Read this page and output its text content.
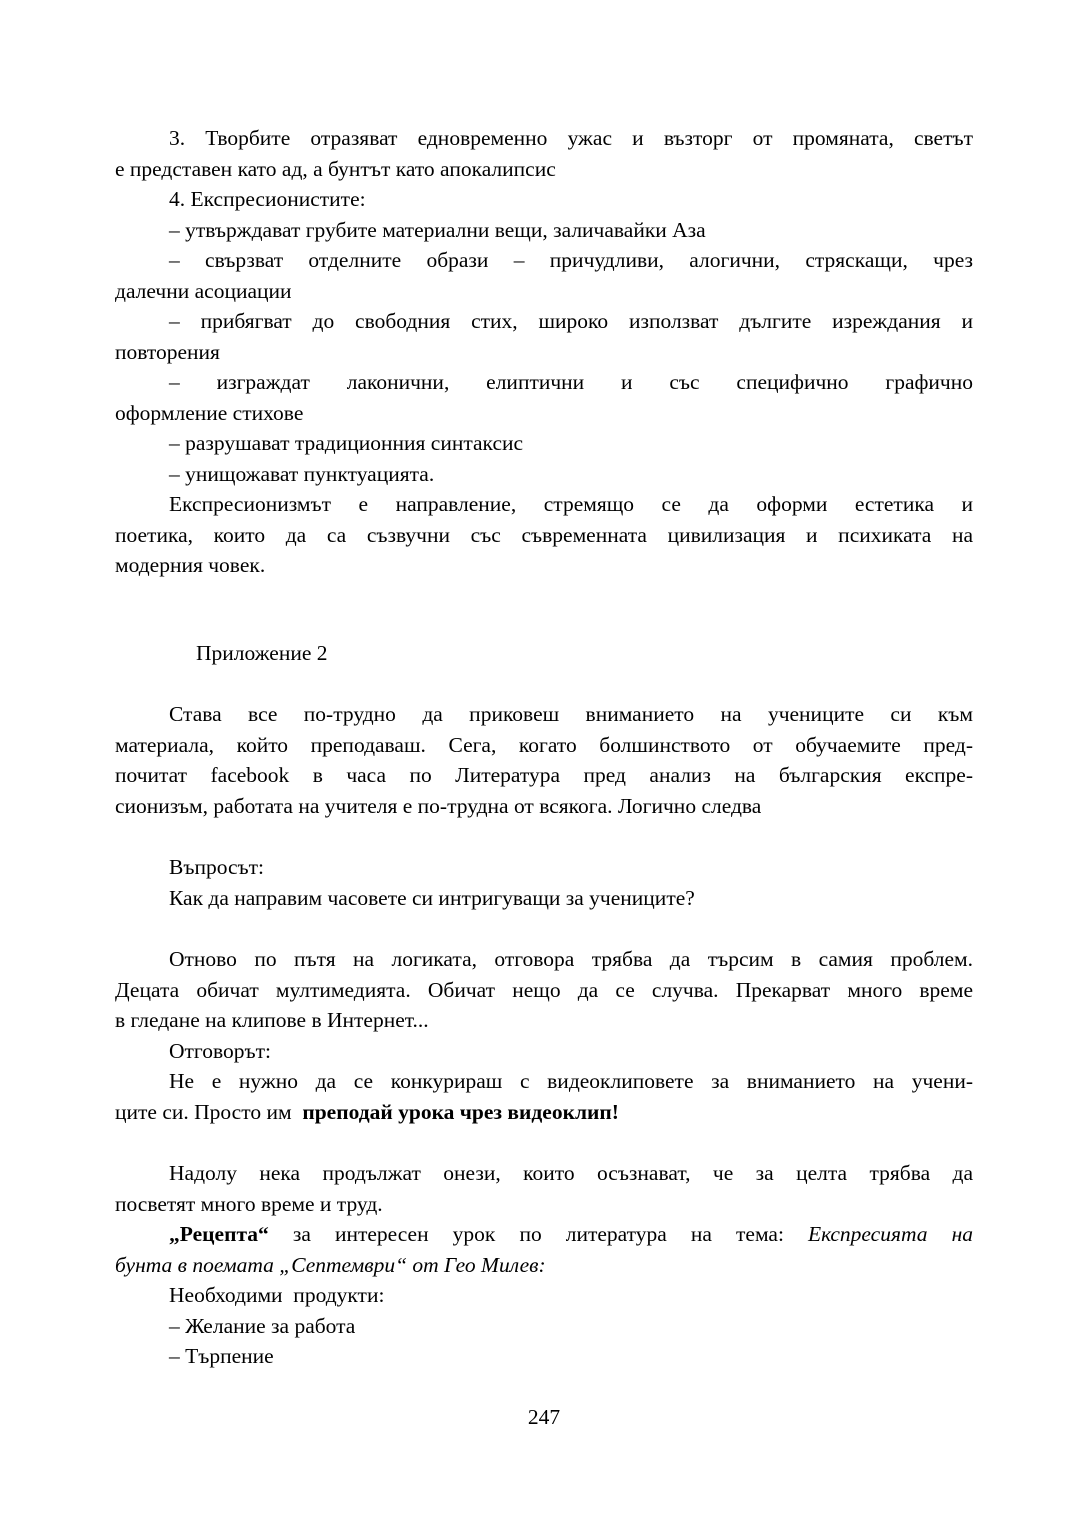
3. Творбите отразяват едновременно ужас и възторг от промяната, светът
е представен като ад, а бунтът като апокалипсис

4. Експресионистите:

– утвърждават грубите материални вещи, заличавайки Аза

– свързват отделните образи – причудливи, алогични, стряскащи, чрез
далечни асоциации

– прибягват до свободния стих, широко използват дългите изреждания и
повторения

– изграждат лаконични, елиптични и със специфично графично
оформление стихове

– разрушават традиционния синтаксис

– унищожават пунктуацията.

Експресионизмът е направление, стремящо се да оформи естетика и
поетика, които да са съзвучни със съвременната цивилизация и психиката на
модерния човек.

Приложение 2

Става все по-трудно да приковеш вниманието на учениците си към
материала, който преподаваш. Сега, когато болшинството от обучаемите пред-
почитат facebook в часа по Литература пред анализ на българския експре-
сионизъм, работата на учителя е по-трудна от всякога. Логично следва

Въпросът:

Как да направим часовете си интригуващи за учениците?

Отново по пътя на логиката, отговора трябва да търсим в самия проблем.
Децата обичат мултимедията. Обичат нещо да се случва. Прекарват много време
в гледане на клипове в Интернет...

Отговорът:

Не е нужно да се конкурираш с видеоклиповете за вниманието на учени-
ците си. Просто им  преподай урока чрез видеоклип!

Надолу нека продължат онези, които осъзнават, че за целта трябва да
посветят много време и труд.

„Рецепта“ за интересен урок по литература на тема: Експресията на
бунта в поемата „Септември“ от Гео Милев:

Необходими  продукти:

– Желание за работа

– Търпение

247
